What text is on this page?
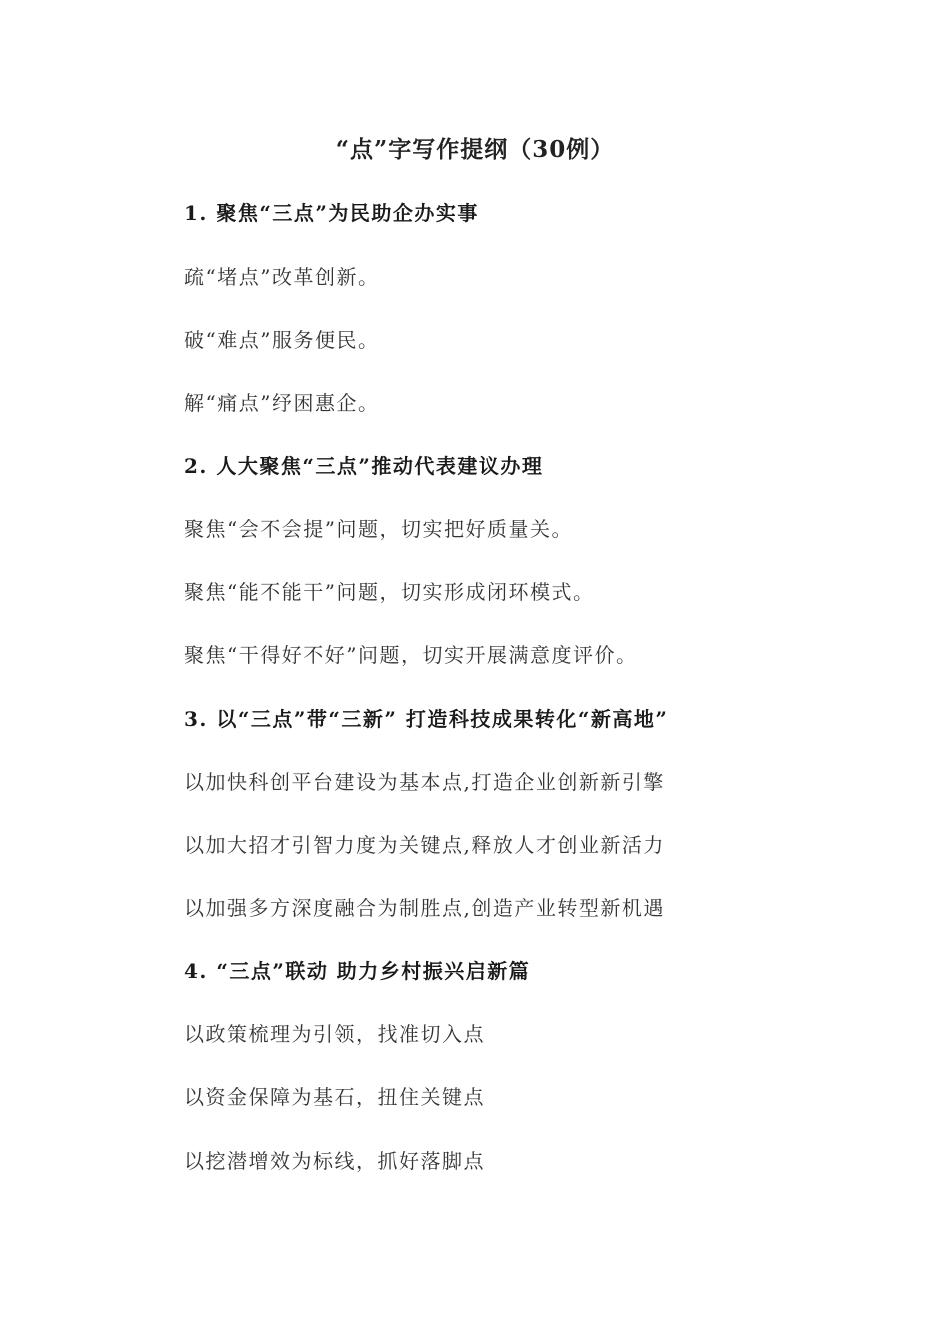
“点”字写作提纲（30例）
1. 聚焦“三点”为民助企办实事
疏“堵点”改革创新。
破“难点”服务便民。
解“痛点”纾困惠企。
2. 人大聚焦“三点”推动代表建议办理
聚焦“会不会提”问题，切实把好质量关。
聚焦“能不能干”问题，切实形成闭环模式。
聚焦“干得好不好”问题，切实开展满意度评价。
3. 以“三点”带“三新” 打造科技成果转化“新高地”
以加快科创平台建设为基本点,打造企业创新新引擎
以加大招才引智力度为关键点,释放人才创业新活力
以加强多方深度融合为制胜点,创造产业转型新机遇
4. “三点”联动 助力乡村振兴启新篇
以政策梳理为引领，找准切入点
以资金保障为基石，扭住关键点
以挖潜增效为标线，抓好落脚点
